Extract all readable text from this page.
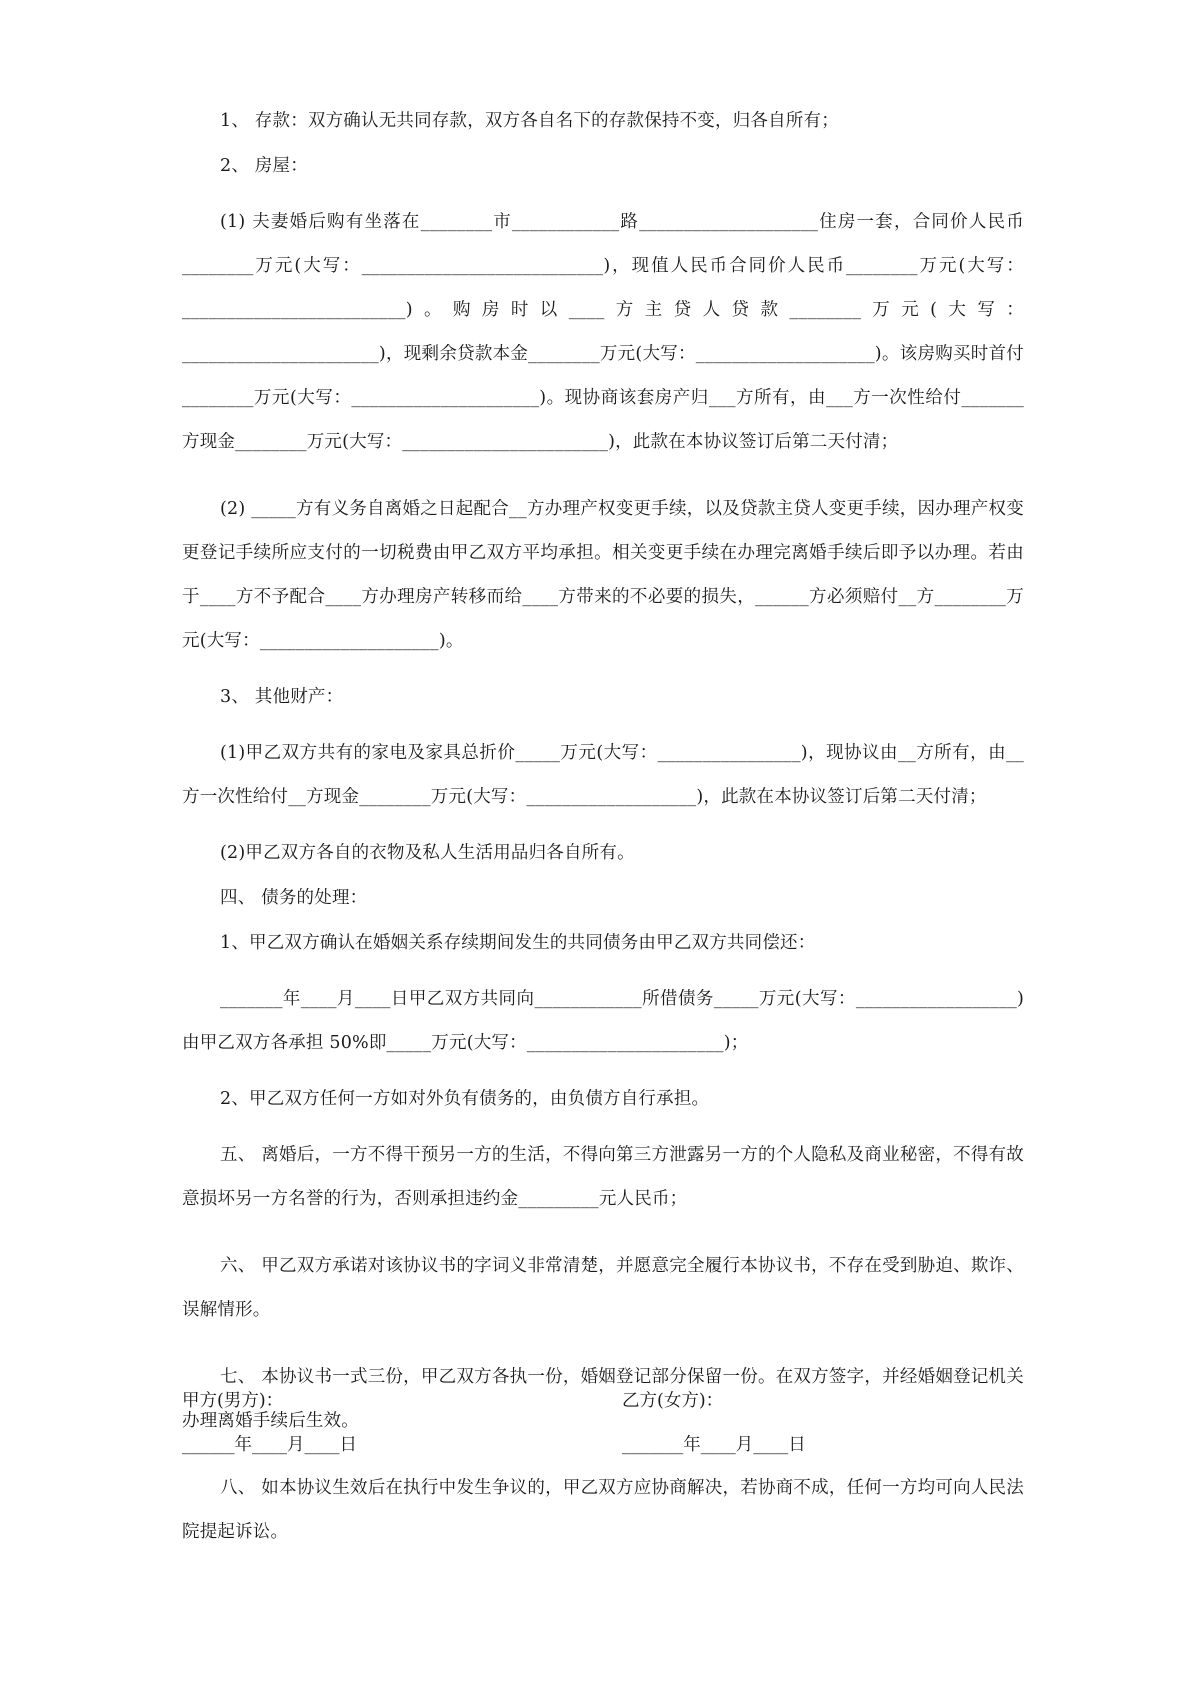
1、 存款：双方确认无共同存款，双方各自名下的存款保持不变，归各自所有；

2、 房屋：

(1) 夫妻婚后购有坐落在________市____________路____________________住房一套，合同价人民币________万元(大写：___________________________)，现值人民币合同价人民币________万元(大写：_________________________)。购房时以____方主贷人贷款________万元(大写：______________________)，现剩余贷款本金________万元(大写：____________________)。该房购买时首付________万元(大写：_____________________)。现协商该套房产归___方所有，由___方一次性给付_______方现金________万元(大写：_______________________)，此款在本协议签订后第二天付清；

(2) _____方有义务自离婚之日起配合__方办理产权变更手续，以及贷款主贷人变更手续，因办理产权变更登记手续所应支付的一切税费由甲乙双方平均承担。相关变更手续在办理完离婚手续后即予以办理。若由于____方不予配合____方办理房产转移而给____方带来的不必要的损失，______方必须赔付__方________万元(大写：____________________)。

3、 其他财产：

(1)甲乙双方共有的家电及家具总折价_____万元(大写：________________)，现协议由__方所有，由__方一次性给付__方现金________万元(大写：___________________)，此款在本协议签订后第二天付清；

(2)甲乙双方各自的衣物及私人生活用品归各自所有。

四、 债务的处理：

1、甲乙双方确认在婚姻关系存续期间发生的共同债务由甲乙双方共同偿还：

_______年____月____日甲乙双方共同向____________所借债务_____万元(大写：__________________)由甲乙双方各承担 50%即_____万元(大写：______________________)；

2、甲乙双方任何一方如对外负有债务的，由负债方自行承担。

五、 离婚后，一方不得干预另一方的生活，不得向第三方泄露另一方的个人隐私及商业秘密，不得有故意损坏另一方名誉的行为，否则承担违约金_________元人民币；

六、 甲乙双方承诺对该协议书的字词义非常清楚，并愿意完全履行本协议书，不存在受到胁迫、欺诈、误解情形。

七、 本协议书一式三份，甲乙双方各执一份，婚姻登记部分保留一份。在双方签字，并经婚姻登记机关办理离婚手续后生效。

八、 如本协议生效后在执行中发生争议的，甲乙双方应协商解决，若协商不成，任何一方均可向人民法院提起诉讼。

甲方(男方)：	乙方(女方)：
______年____月____日	_______年____月____日
